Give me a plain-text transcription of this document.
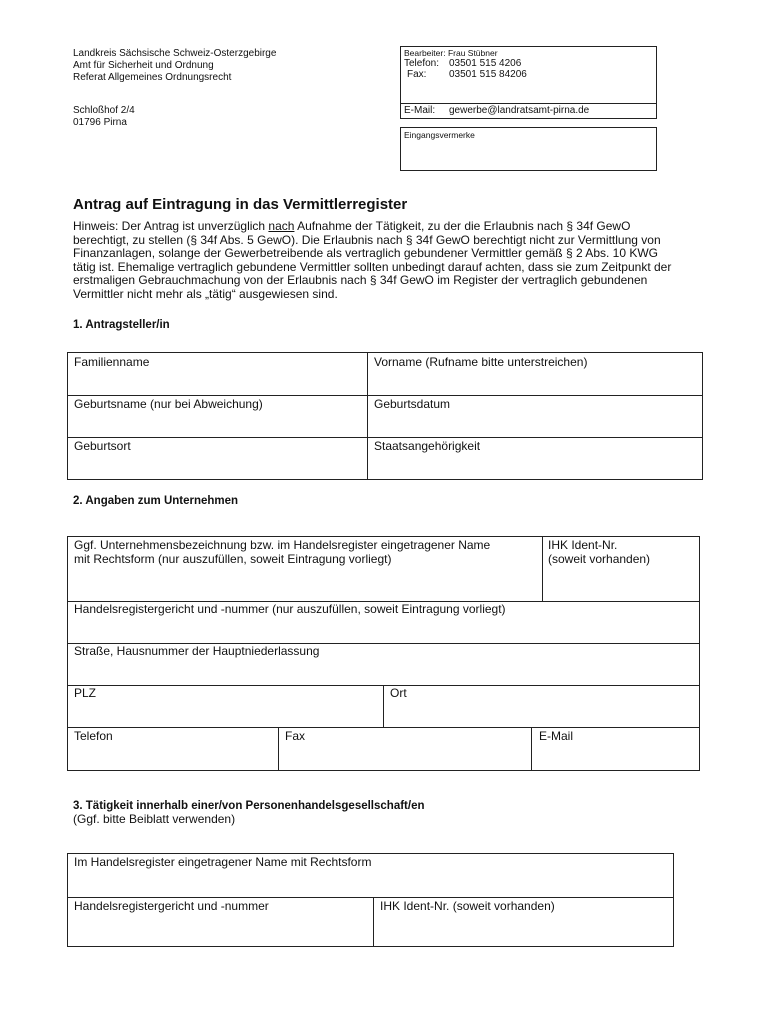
Landkreis Sächsische Schweiz-Osterzgebirge
Amt für Sicherheit und Ordnung
Referat Allgemeines Ordnungsrecht
Schloßhof 2/4
01796 Pirna
Bearbeiter: Frau Stübner
Telefon: 03501 515 4206
Fax: 03501 515 84206
E-Mail: gewerbe@landratsamt-pirna.de
Eingangsvermerke
Antrag auf Eintragung in das Vermittlerregister
Hinweis: Der Antrag ist unverzüglich nach Aufnahme der Tätigkeit, zu der die Erlaubnis nach § 34f GewO berechtigt, zu stellen (§ 34f Abs. 5 GewO). Die Erlaubnis nach § 34f GewO berechtigt nicht zur Vermittlung von Finanzanlagen, solange der Gewerbetreibende als vertraglich gebundener Vermittler gemäß § 2 Abs. 10 KWG tätig ist. Ehemalige vertraglich gebundene Vermittler sollten unbedingt darauf achten, dass sie zum Zeitpunkt der erstmaligen Gebrauchmachung von der Erlaubnis nach § 34f GewO im Register der vertraglich gebundenen Vermittler nicht mehr als „tätig“ ausgewiesen sind.
1. Antragsteller/in
Familienname	Vorname (Rufname bitte unterstreichen)
Geburtsname (nur bei Abweichung)	Geburtsdatum
Geburtsort	Staatsangehörigkeit
2. Angaben zum Unternehmen
Ggf. Unternehmensbezeichnung bzw. im Handelsregister eingetragener Name
mit Rechtsform (nur auszufüllen, soweit Eintragung vorliegt)
IHK Ident-Nr.
(soweit vorhanden)
Handelsregistergericht und -nummer (nur auszufüllen, soweit Eintragung vorliegt)
Straße, Hausnummer der Hauptniederlassung
PLZ	Ort
Telefon	Fax	E-Mail
3. Tätigkeit innerhalb einer/von Personenhandelsgesellschaft/en
(Ggf. bitte Beiblatt verwenden)
Im Handelsregister eingetragener Name mit Rechtsform
Handelsregistergericht und -nummer	IHK Ident-Nr. (soweit vorhanden)
